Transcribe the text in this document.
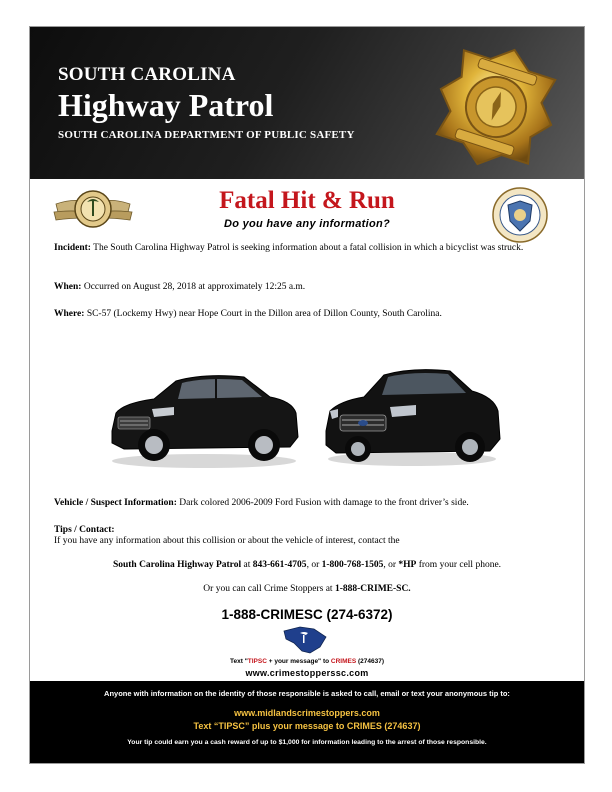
SOUTH CAROLINA
Highway Patrol
SOUTH CAROLINA DEPARTMENT OF PUBLIC SAFETY
Fatal Hit & Run
Do you have any information?
Incident: The South Carolina Highway Patrol is seeking information about a fatal collision in which a bicyclist was struck.
When: Occurred on August 28, 2018 at approximately 12:25 a.m.
Where: SC-57 (Lockemy Hwy) near Hope Court in the Dillon area of Dillon County, South Carolina.
Vehicle / Suspect Information: Dark colored 2006-2009 Ford Fusion with damage to the front driver’s side.
Tips / Contact:
If you have any information about this collision or about the vehicle of interest, contact the
South Carolina Highway Patrol at 843-661-4705, or 1-800-768-1505, or *HP from your cell phone.
Or you can call Crime Stoppers at 1-888-CRIME-SC.
1-888-CRIMESC (274-6372)
Text "TIPSC + your message" to CRIMES (274637)
www.crimestopperssc.com
Anyone with information on the identity of those responsible is asked to call, email or text your anonymous tip to:
www.midlandscrimestoppers.com
Text “TIPSC” plus your message to CRIMES (274637)
Your tip could earn you a cash reward of up to $1,000 for information leading to the arrest of those responsible.
